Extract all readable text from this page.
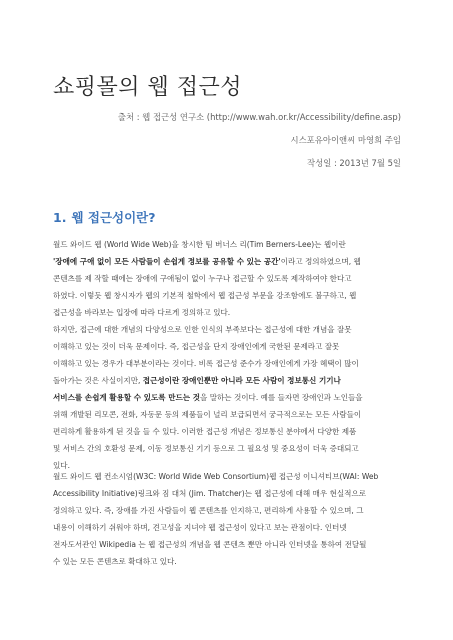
쇼핑몰의 웹 접근성
출처 : 웹 접근성 연구소 (http://www.wah.or.kr/Accessibility/define.asp)
시스포유아이앤씨 마영희 주임
작성일 : 2013년 7월 5일
1. 웹 접근성이란?

월드 와이드 웹 (World Wide Web)을 창시한 팀 버너스 리(Tim Berners-Lee)는 웹이란
'장애에 구애 없이 모든 사람들이 손쉽게 정보를 공유할 수 있는 공간'이라고 정의하였으며, 웹
콘텐츠를 제 작할 때에는 장애에 구애됨이 없이 누구나 접근할 수 있도록 제작하여야 한다고
하였다. 이렇듯 웹 창시자가 웹의 기본적 철학에서 웹 접근성 부문을 강조함에도 불구하고, 웹
접근성을 바라보는 입장에 따라 다르게 정의하고 있다.

하지만, 접근에 대한 개념의 다양성으로 인한 인식의 부족보다는 접근성에 대한 개념을 잘못
이해하고 있는 것이 더욱 문제이다. 즉, 접근성을 단지 장애인에게 국한된 문제라고 잘못
이해하고 있는 경우가 대부분이라는 것이다. 비록 접근성 준수가 장애인에게 가장 혜택이 많이
돌아가는 것은 사실이지만, 접근성이란 장애인뿐만 아니라 모든 사람이 정보통신 기기나
서비스를 손쉽게 활용할 수 있도록 만드는 것을 말하는 것이다. 예를 들자면 장애인과 노인들을
위해 개발된 리모콘, 전화, 자동문 등의 제품들이 널리 보급되면서 궁극적으로는 모든 사람들이
편리하게 활용하게 된 것을 들 수 있다. 이러한 접근성 개념은 정보통신 분야에서 다양한 제품
및 서비스 간의 호환성 문제, 이동 정보통신 기기 등으로 그 필요성 및 중요성이 더욱 증대되고
있다.

월드 와이드 웹 컨소시엄(W3C: World Wide Web Consortium)웹 접근성 이니셔티브(WAI: Web
Accessibility Initiative)링크와 짐 대처 (Jim. Thatcher)는 웹 접근성에 대해 매우 현실적으로
정의하고 있다. 즉, 장애를 가진 사람들이 웹 콘텐츠를 인지하고, 편리하게 사용할 수 있으며, 그
내용이 이해하기 쉬워야 하며, 견고성을 지녀야 웹 접근성이 있다고 보는 관점이다. 인터넷
전자도서관인 Wikipedia 는 웹 접근성의 개념을 웹 콘텐츠 뿐만 아니라 인터넷을 통하여 전달될
수 있는 모든 콘텐츠로 확대하고 있다.
